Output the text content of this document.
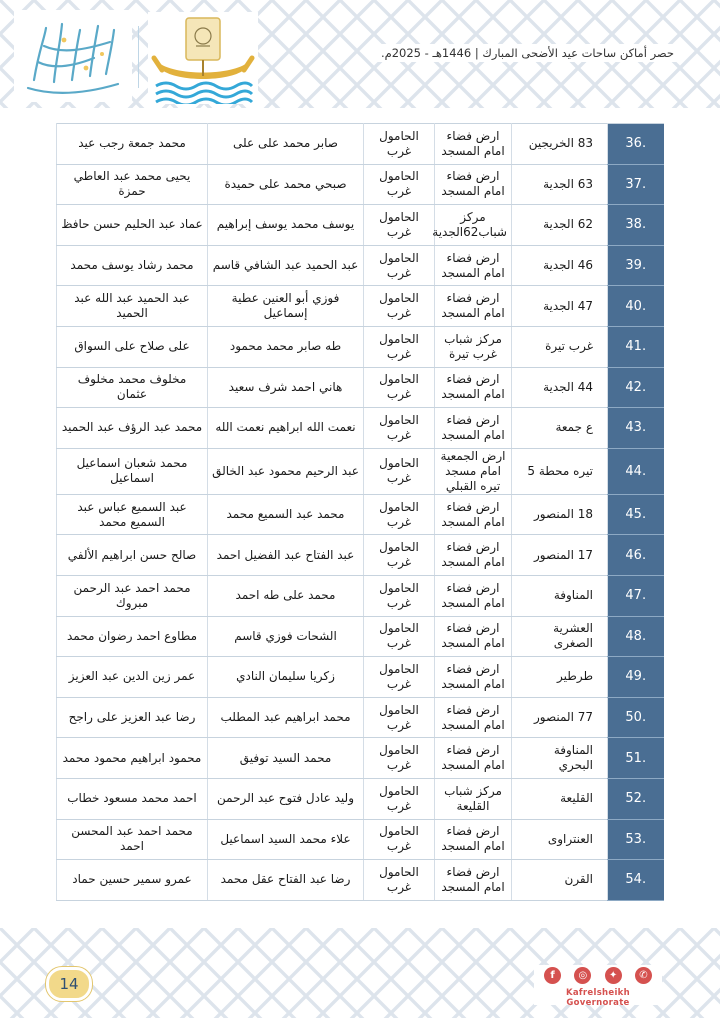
حصر أماكن ساحات عيد الأضحى المبارك | 1446هـ - 2025م.
.36	83 الخريجين	ارض فضاء امام المسجد	الحامول غرب	صابر محمد على على	محمد جمعة رجب عيد
.37	63 الجدية	ارض فضاء امام المسجد	الحامول غرب	صبحي محمد على حميدة	يحيى محمد عبد العاطي حمزة
.38	62 الجدية	مركز شباب62الجدية	الحامول غرب	يوسف محمد يوسف إبراهيم	عماد عبد الحليم حسن حافظ
.39	46 الجدية	ارض فضاء امام المسجد	الحامول غرب	عبد الحميد عبد الشافي قاسم	محمد رشاد يوسف محمد
.40	47 الجدية	ارض فضاء امام المسجد	الحامول غرب	فوزي أبو العنين عطية إسماعيل	عبد الحميد عبد الله عبد الحميد
.41	غرب تيرة	مركز شباب غرب تيرة	الحامول غرب	طه صابر محمد محمود	على صلاح على السواق
.42	44 الجدية	ارض فضاء امام المسجد	الحامول غرب	هاني احمد شرف سعيد	مخلوف محمد مخلوف عثمان
.43	ع جمعة	ارض فضاء امام المسجد	الحامول غرب	نعمت الله ابراهيم نعمت الله	محمد عبد الرؤف عبد الحميد
.44	تيره محطة 5	ارض الجمعية امام مسجد تيره القبلي	الحامول غرب	عبد الرحيم محمود عبد الخالق	محمد شعبان اسماعيل اسماعيل
.45	18 المنصور	ارض فضاء امام المسجد	الحامول غرب	محمد عبد السميع محمد	عبد السميع عباس عبد السميع محمد
.46	17 المنصور	ارض فضاء امام المسجد	الحامول غرب	عبد الفتاح عبد الفضيل احمد	صالح حسن ابراهيم الألفي
.47	المناوفة	ارض فضاء امام المسجد	الحامول غرب	محمد على طه احمد	محمد احمد عبد الرحمن مبروك
.48	العشرية الصغرى	ارض فضاء امام المسجد	الحامول غرب	الشحات فوزي قاسم	مطاوع احمد رضوان محمد
.49	طرطير	ارض فضاء امام المسجد	الحامول غرب	زكريا سليمان النادي	عمر زين الدين عبد العزيز
.50	77 المنصور	ارض فضاء امام المسجد	الحامول غرب	محمد ابراهيم عبد المطلب	رضا عبد العزيز على راجح
.51	المناوفة البحري	ارض فضاء امام المسجد	الحامول غرب	محمد السيد توفيق	محمود ابراهيم محمود محمد
.52	القليعة	مركز شباب القليعة	الحامول غرب	وليد عادل فتوح عبد الرحمن	احمد محمد مسعود خطاب
.53	العنتراوى	ارض فضاء امام المسجد	الحامول غرب	علاء محمد السيد اسماعيل	محمد احمد عبد المحسن احمد
.54	القرن	ارض فضاء امام المسجد	الحامول غرب	رضا عبد الفتاح عقل محمد	عمرو سمير حسين حماد
14	f	◎	✦	✆
Kafrelsheikh Governorate
